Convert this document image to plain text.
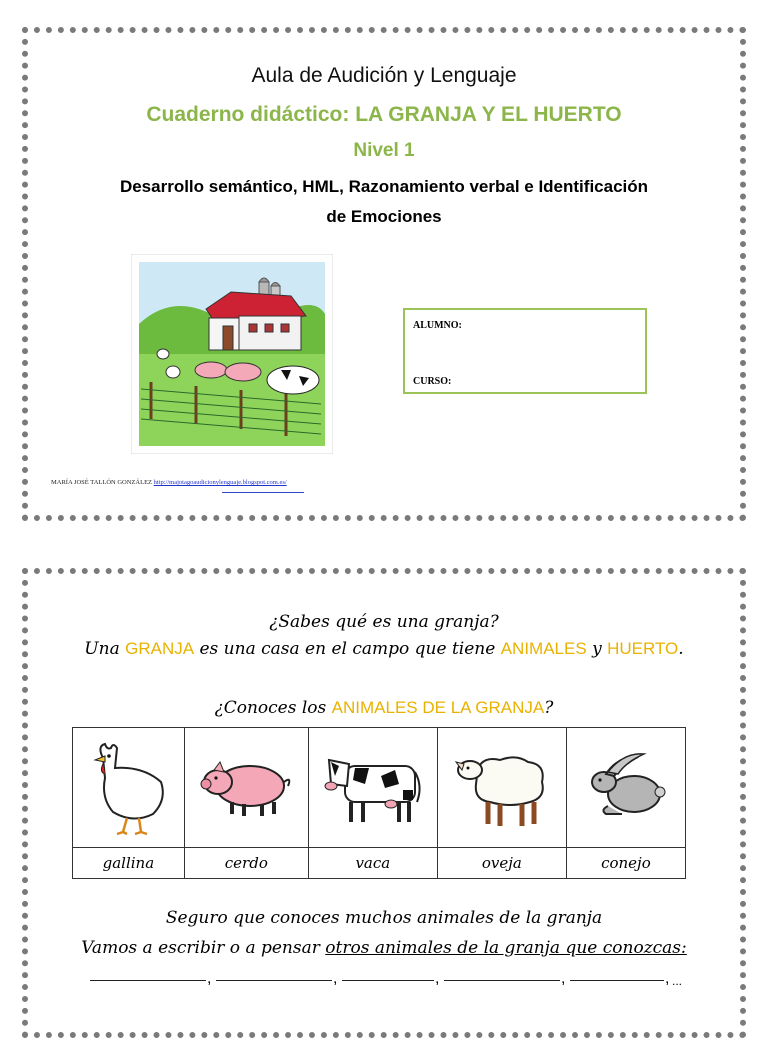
Aula de Audición y Lenguaje
Cuaderno didáctico: LA GRANJA Y EL HUERTO
Nivel 1
Desarrollo semántico, HML, Razonamiento verbal e Identificación
de Emociones
ALUMNO:
CURSO:
MARÍA JOSÉ TALLÓN GONZÁLEZ http://majotagoaudicionylenguaje.blogspot.com.es/
¿Sabes qué es una granja?
Una GRANJA es una casa en el campo que tiene ANIMALES y HUERTO.
¿Conoces los ANIMALES DE LA GRANJA?

gallina	cerdo	vaca	oveja	conejo
Seguro que conoces muchos animales de la granja
Vamos a escribir o a pensar otros animales de la granja que conozcas:
,	,	,	,	, ...
